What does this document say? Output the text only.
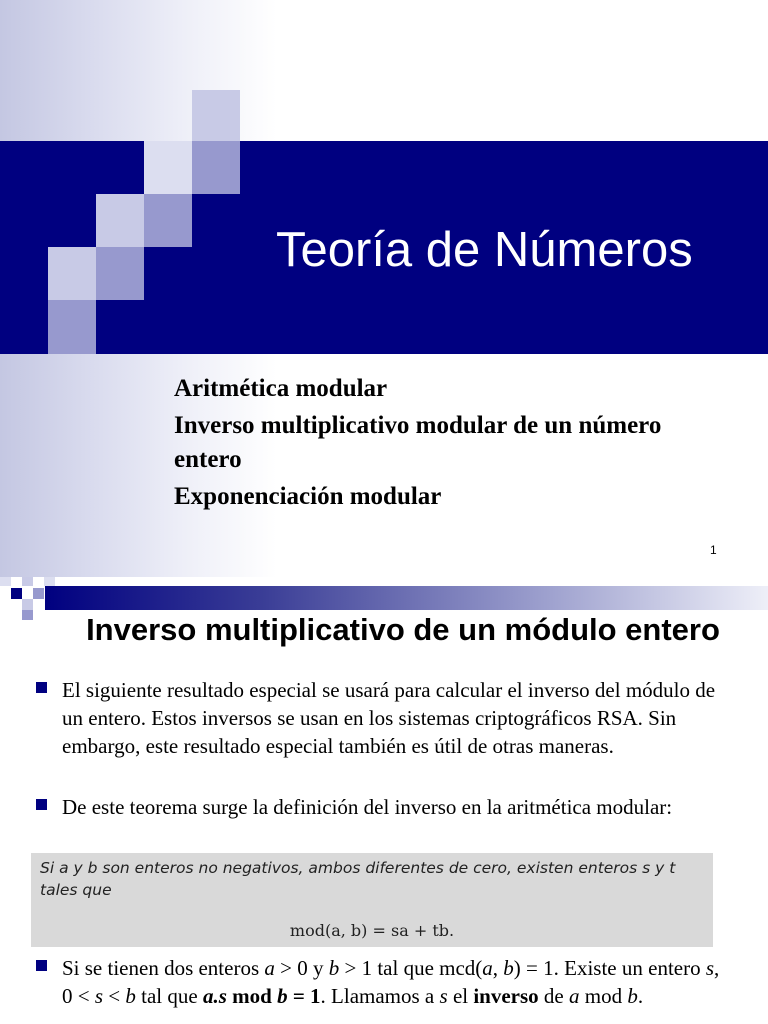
Teoría de Números
Aritmética modular
Inverso multiplicativo modular de un número entero
Exponenciación modular
1
Inverso multiplicativo de un módulo entero
El siguiente resultado especial se usará para calcular el inverso del módulo de un entero. Estos inversos se usan en los sistemas criptográficos RSA. Sin embargo, este resultado especial también es útil de otras maneras.
De este teorema surge la definición del inverso en la aritmética modular:
Si a y b son enteros no negativos, ambos diferentes de cero, existen enteros s y t tales que
mod(a, b) = sa + tb.
Si se tienen dos enteros a > 0 y b > 1 tal que mcd(a, b) = 1. Existe un entero s, 0 < s < b tal que a.s mod b = 1. Llamamos a s el inverso de a mod b.
